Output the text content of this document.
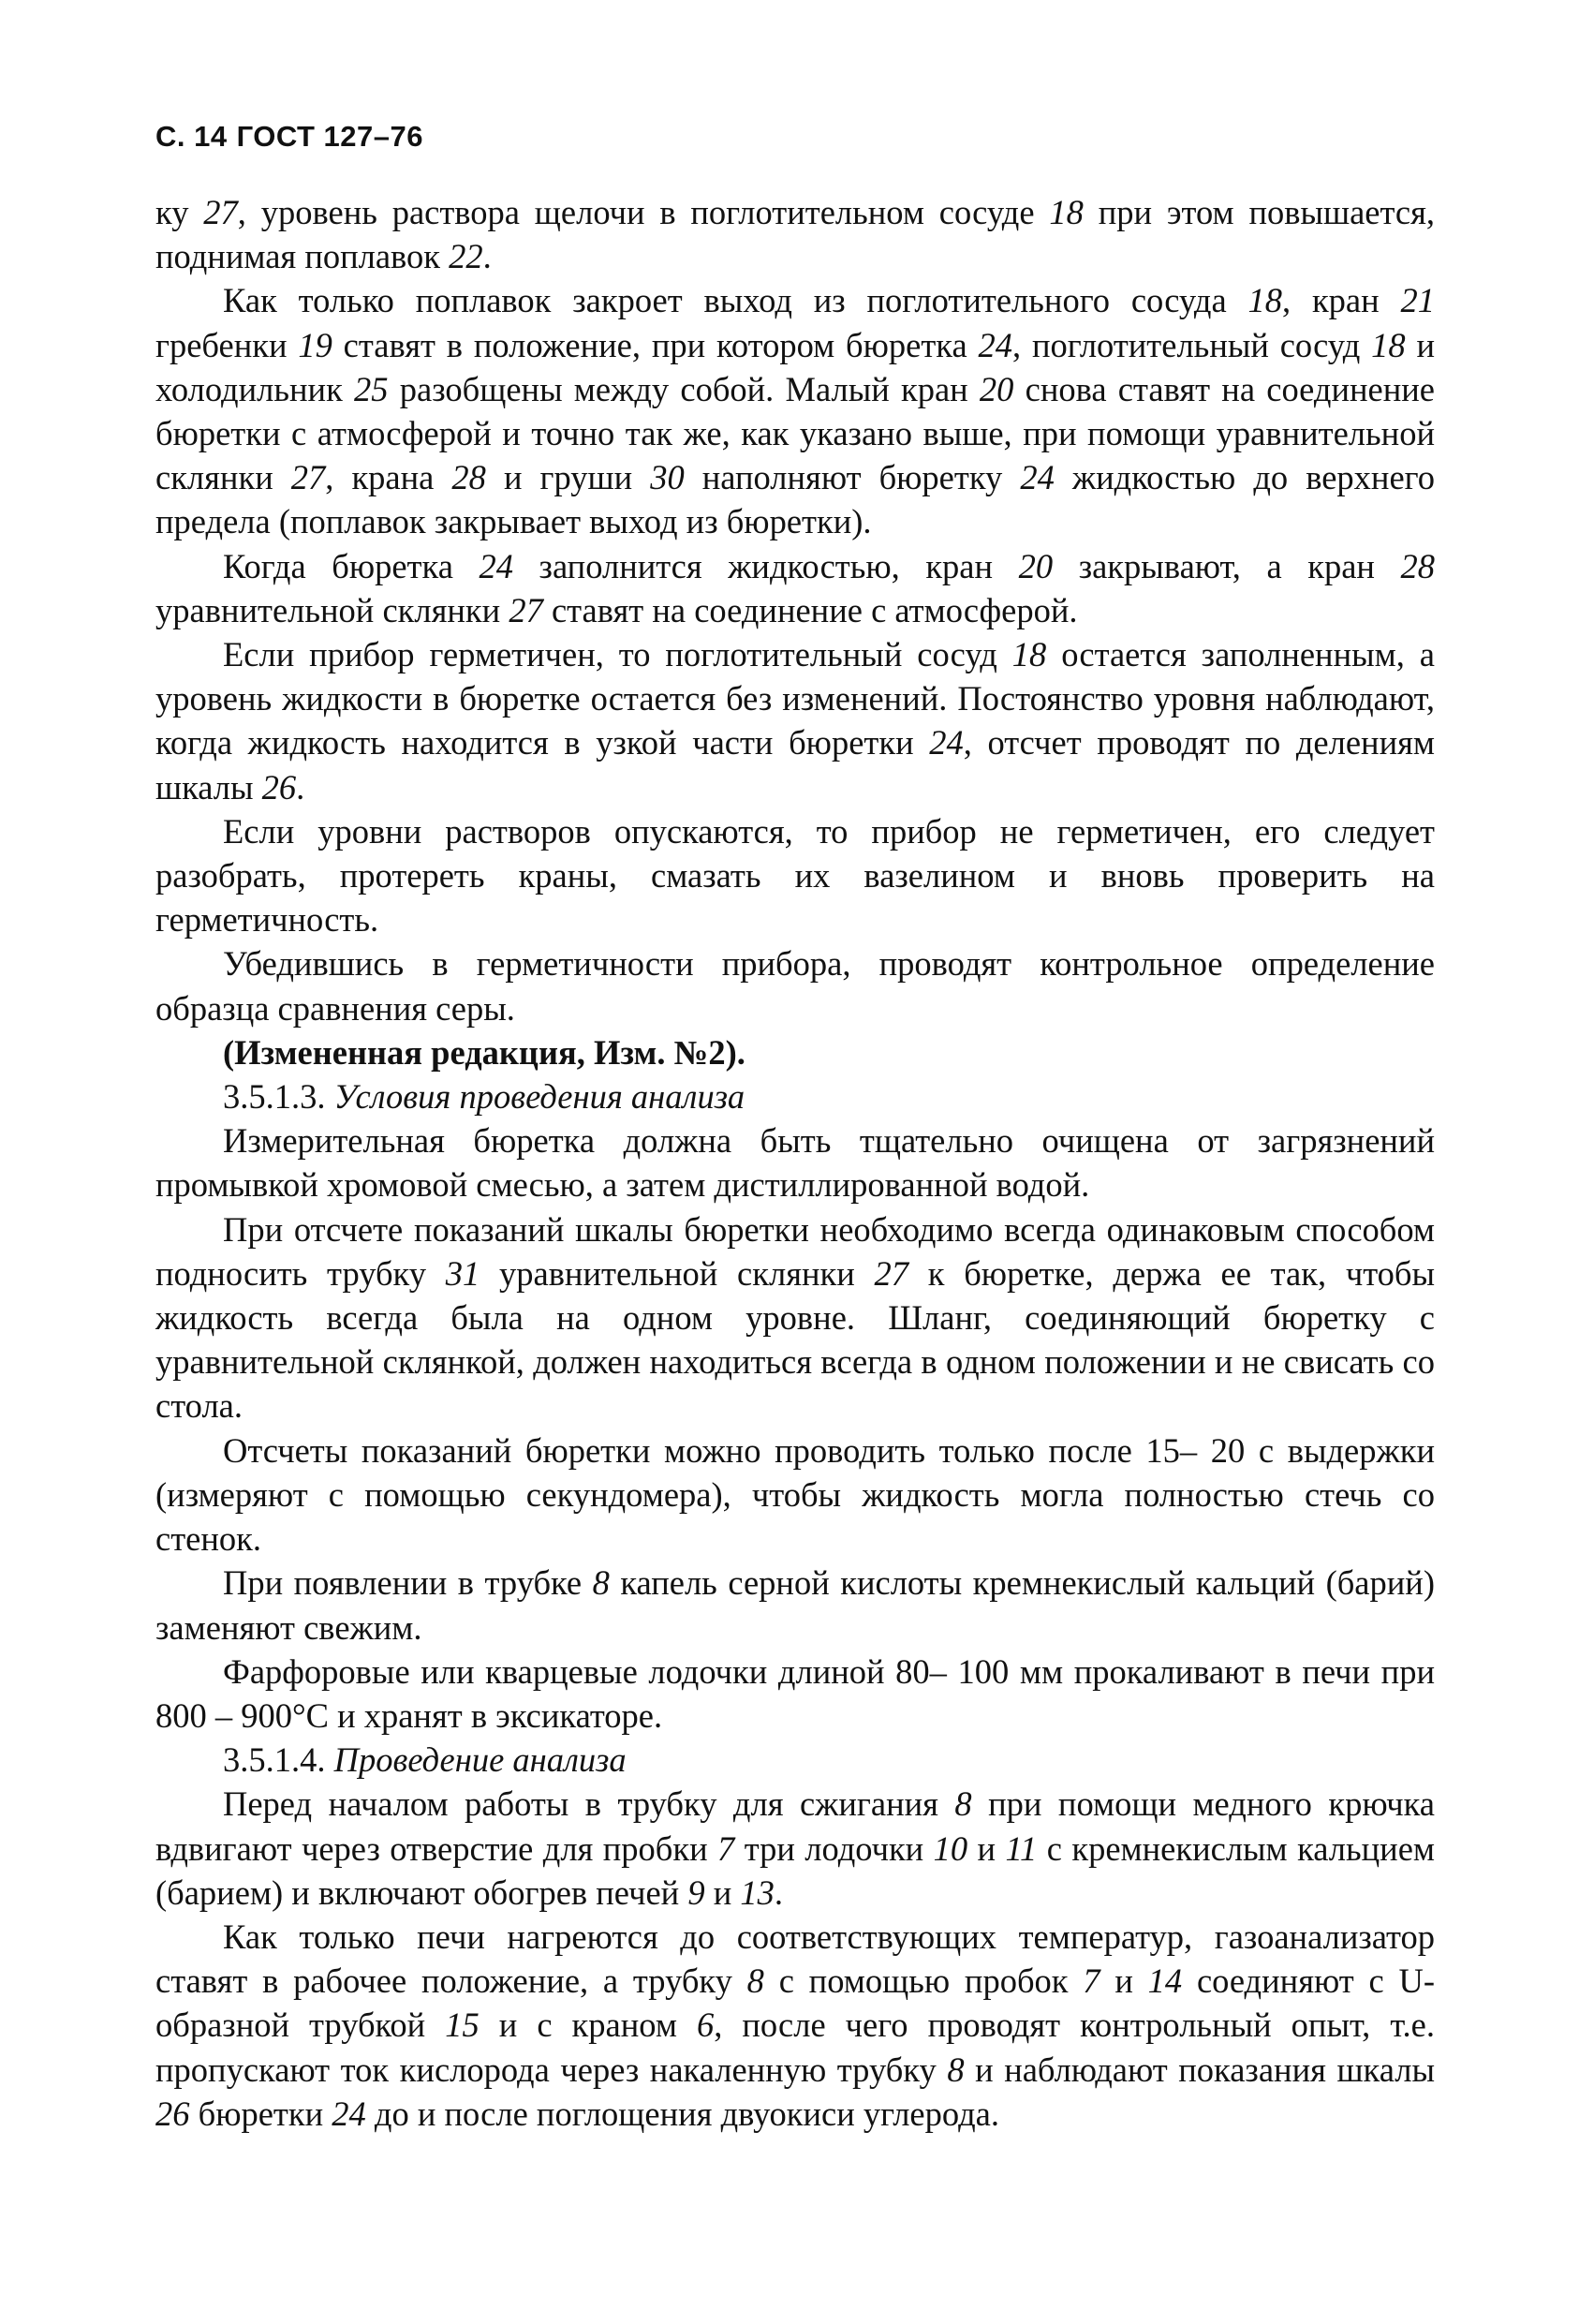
С. 14 ГОСТ 127–76

ку 27, уровень раствора щелочи в поглотительном сосуде 18 при этом повышается, поднимая поплавок 22.

Как только поплавок закроет выход из поглотительного сосуда 18, кран 21 гребенки 19 ставят в положение, при котором бюретка 24, поглотительный сосуд 18 и холодильник 25 разобщены между собой. Малый кран 20 снова ставят на соединение бюретки с атмосферой и точно так же, как указано выше, при помощи уравнительной склянки 27, крана 28 и груши 30 наполняют бюретку 24 жидкостью до верхнего предела (поплавок закрывает выход из бюретки).

Когда бюретка 24 заполнится жидкостью, кран 20 закрывают, а кран 28 уравнительной склянки 27 ставят на соединение с атмосферой.

Если прибор герметичен, то поглотительный сосуд 18 остается заполненным, а уровень жидкости в бюретке остается без изменений. Постоянство уровня наблюдают, когда жидкость находится в узкой части бюретки 24, отсчет проводят по делениям шкалы 26.

Если уровни растворов опускаются, то прибор не герметичен, его следует разобрать, протереть краны, смазать их вазелином и вновь проверить на герметичность.

Убедившись в герметичности прибора, проводят контрольное определение образца сравнения серы.

(Измененная редакция, Изм. №2).

3.5.1.3. Условия проведения анализа

Измерительная бюретка должна быть тщательно очищена от загрязнений промывкой хромовой смесью, а затем дистиллированной водой.

При отсчете показаний шкалы бюретки необходимо всегда одинаковым способом подносить трубку 31 уравнительной склянки 27 к бюретке, держа ее так, чтобы жидкость всегда была на одном уровне. Шланг, соединяющий бюретку с уравнительной склянкой, должен находиться всегда в одном положении и не свисать со стола.

Отсчеты показаний бюретки можно проводить только после 15– 20 с выдержки (измеряют с помощью секундомера), чтобы жидкость могла полностью стечь со стенок.

При появлении в трубке 8 капель серной кислоты кремнекислый кальций (барий) заменяют свежим.

Фарфоровые или кварцевые лодочки длиной 80– 100 мм прокаливают в печи при 800 – 900°С и хранят в эксикаторе.

3.5.1.4. Проведение анализа

Перед началом работы в трубку для сжигания 8 при помощи медного крючка вдвигают через отверстие для пробки 7 три лодочки 10 и 11 с кремнекислым кальцием (барием) и включают обогрев печей 9 и 13.

Как только печи нагреются до соответствующих температур, газоанализатор ставят в рабочее положение, а трубку 8 с помощью пробок 7 и 14 соединяют с U-образной трубкой 15 и с краном 6, после чего проводят контрольный опыт, т.е. пропускают ток кислорода через накаленную трубку 8 и наблюдают показания шкалы 26 бюретки 24 до и после поглощения двуокиси углерода.
